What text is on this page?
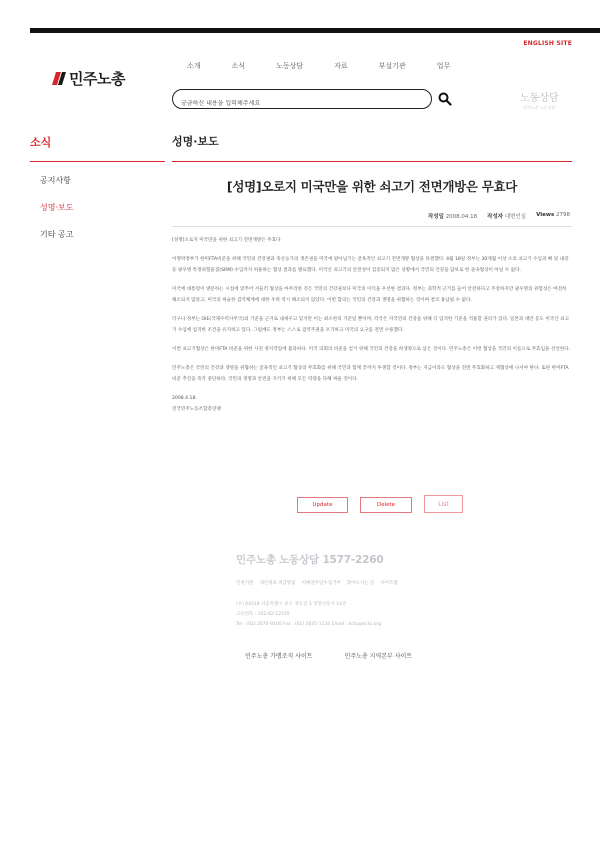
ENGLISH SITE
민주노총
소개	소식	노동상담	자료	부설기관	업무
궁금하신 내용을 입력해주세요
노동상담
민주노총 노동상담
소식
공지사항
성명·보도
기타 공고
성명·보도
[성명]오로지 미국만을 위한 쇠고기 전면개방은 무효다
작성일 2008.04.18 작성자 대변인실 Views 2798

[성명]오로지 미국만을 위한 쇠고기 전면개방은 무효다

이명박정부가 한미FTA비준을 위해 국민의 건강권과 축산농가의 생존권을 미국에 팔아넘기는 굴욕적인 쇠고기 전면개방 협상을 타결했다. 4월 18일 정부는 30개월 이상 소의 쇠고기 수입과 뼈 및 내장 등 광우병 특정위험물질(SRM) 수입까지 허용하는 협상 결과를 발표했다. 미국산 쇠고기의 안전성이 검증되지 않은 상황에서 국민의 건강을 담보로 한 졸속협상이 아닐 수 없다.

미국에 대통령이 방문하는 시점에 맞추어 서둘러 협상을 마무리한 것은 국민의 건강권보다 미국의 이익을 우선한 결과다. 정부는 과학적 근거를 들어 안전하다고 주장하지만 광우병의 위험성은 여전히 해소되지 않았고, 미국의 허술한 검역체계에 대한 우려 역시 해소되지 않았다. 이번 합의는 국민의 건강과 생명을 위협하는 것이며 결코 용납될 수 없다.

더구나 정부는 OIE(국제수역사무국)의 기준을 근거로 내세우고 있지만 이는 최소한의 기준일 뿐이며, 각국은 자국민의 건강을 위해 더 엄격한 기준을 적용할 권리가 있다. 일본과 대만 등도 미국산 쇠고기 수입에 엄격한 조건을 유지하고 있다. 그럼에도 정부는 스스로 검역주권을 포기하고 미국의 요구를 전면 수용했다.

이번 쇠고기협상은 한미FTA 비준을 위한 사전 정지작업에 불과하다. 미국 의회의 비준을 얻기 위해 국민의 건강을 희생양으로 삼은 것이다. 민주노총은 이번 협상을 국민의 이름으로 무효임을 선언한다.

민주노총은 국민의 건강과 생명을 위협하는 굴욕적인 쇠고기 협상의 무효화를 위해 국민과 함께 끝까지 투쟁할 것이다. 정부는 지금이라도 협상을 전면 무효화하고 재협상에 나서야 한다. 또한 한미FTA 비준 추진을 즉각 중단하라. 국민의 생명과 안전을 지키기 위해 모든 역량을 다해 싸울 것이다.

2008.4.18.

전국민주노동조합총연맹

Update	Delete	List
민주노총 노동상담 1577-2260
인권기관 개인정보 취급방침 이메일무단수집거부 찾아오시는 길 사이트맵
(우) 04518 서울특별시 중구 정동길 3 경향신문사 14층
고유번호 : 101-82-12335
Tel : (02) 2670-9100 Fax : (02) 2635-1134 Email : kctu@kctu.org
민주노총 가맹조직 사이트	민주노총 지역본부 사이트
